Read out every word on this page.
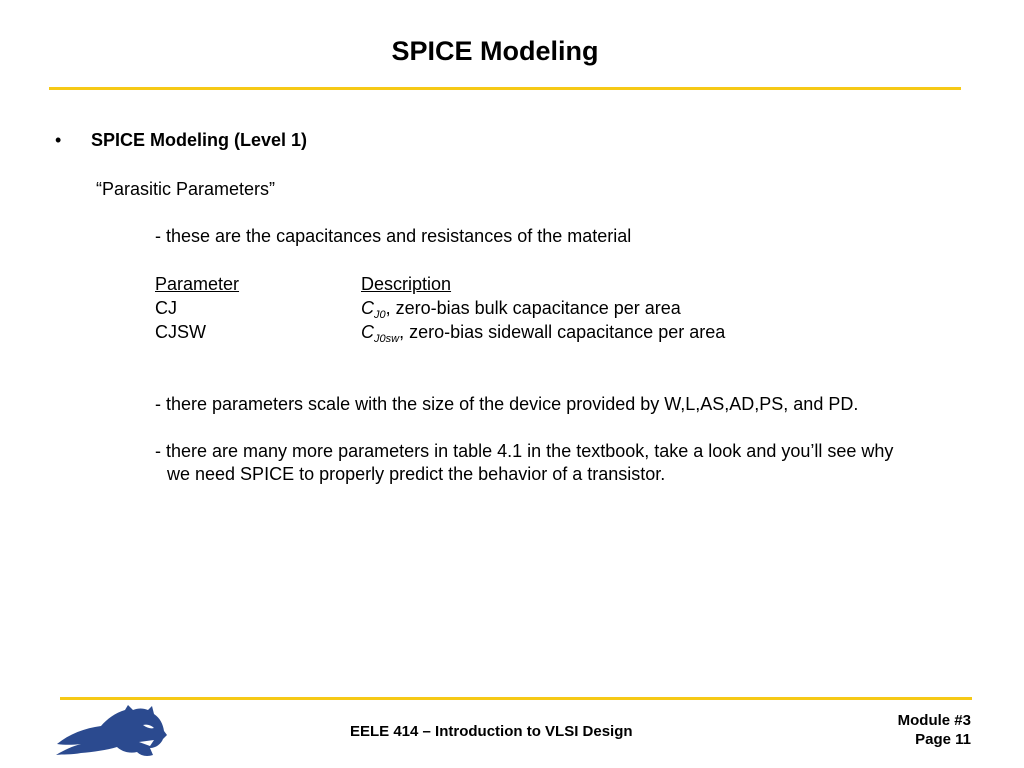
SPICE Modeling
• SPICE Modeling (Level 1)
“Parasitic Parameters”
- these are the capacitances and resistances of the material
Parameter	Description
CJ	$C_{J0}$, zero-bias bulk capacitance per area
CJSW	$C_{J0sw}$, zero-bias sidewall capacitance per area
- there parameters scale with the size of the device provided by W,L,AS,AD,PS, and PD.
- there are many more parameters in table 4.1 in the textbook, take a look and you’ll see why
we need SPICE to properly predict the behavior of a transistor.
EELE 414 – Introduction to VLSI Design
Module #3
Page 11
